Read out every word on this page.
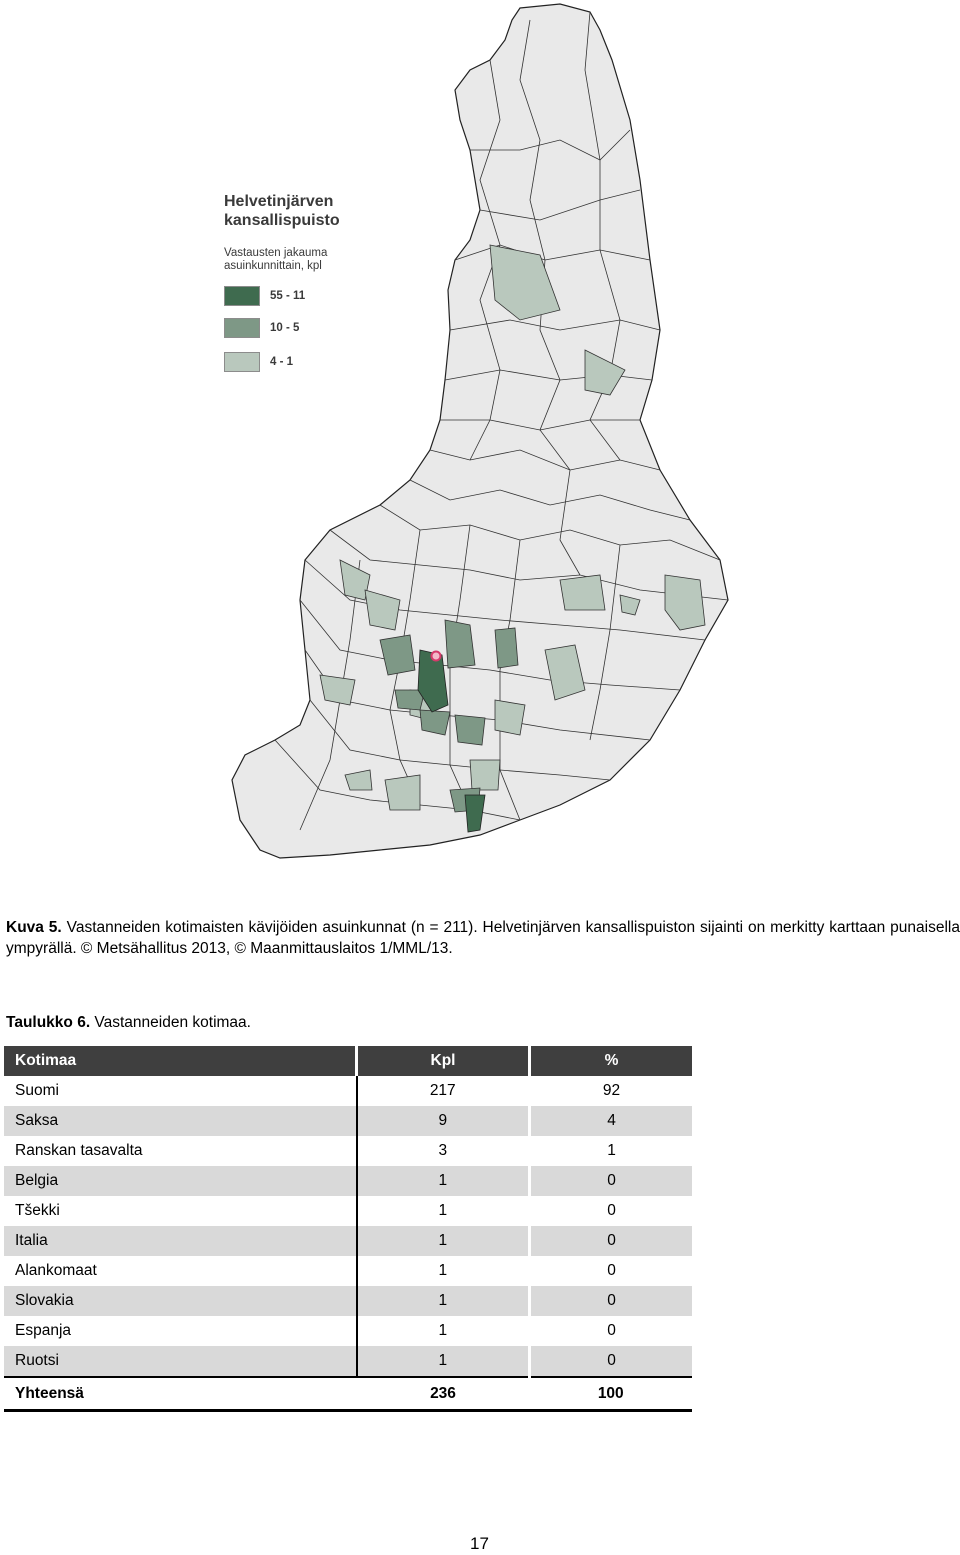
Helvetinjärven
kansallispuisto
Vastausten jakauma
asuinkunnittain, kpl
55 - 11
10 - 5
4 - 1
Kuva 5. Vastanneiden kotimaisten kävijöiden asuinkunnat (n = 211). Helvetinjärven kansallispuiston sijainti on merkitty karttaan punaisella ympyrällä. © Metsähallitus 2013, © Maanmittauslaitos 1/MML/13.
Taulukko 6. Vastanneiden kotimaa.
Kotimaa	Kpl	%
Suomi	217	92
Saksa	9	4
Ranskan tasavalta	3	1
Belgia	1	0
Tšekki	1	0
Italia	1	0
Alankomaat	1	0
Slovakia	1	0
Espanja	1	0
Ruotsi	1	0
Yhteensä	236	100
17
